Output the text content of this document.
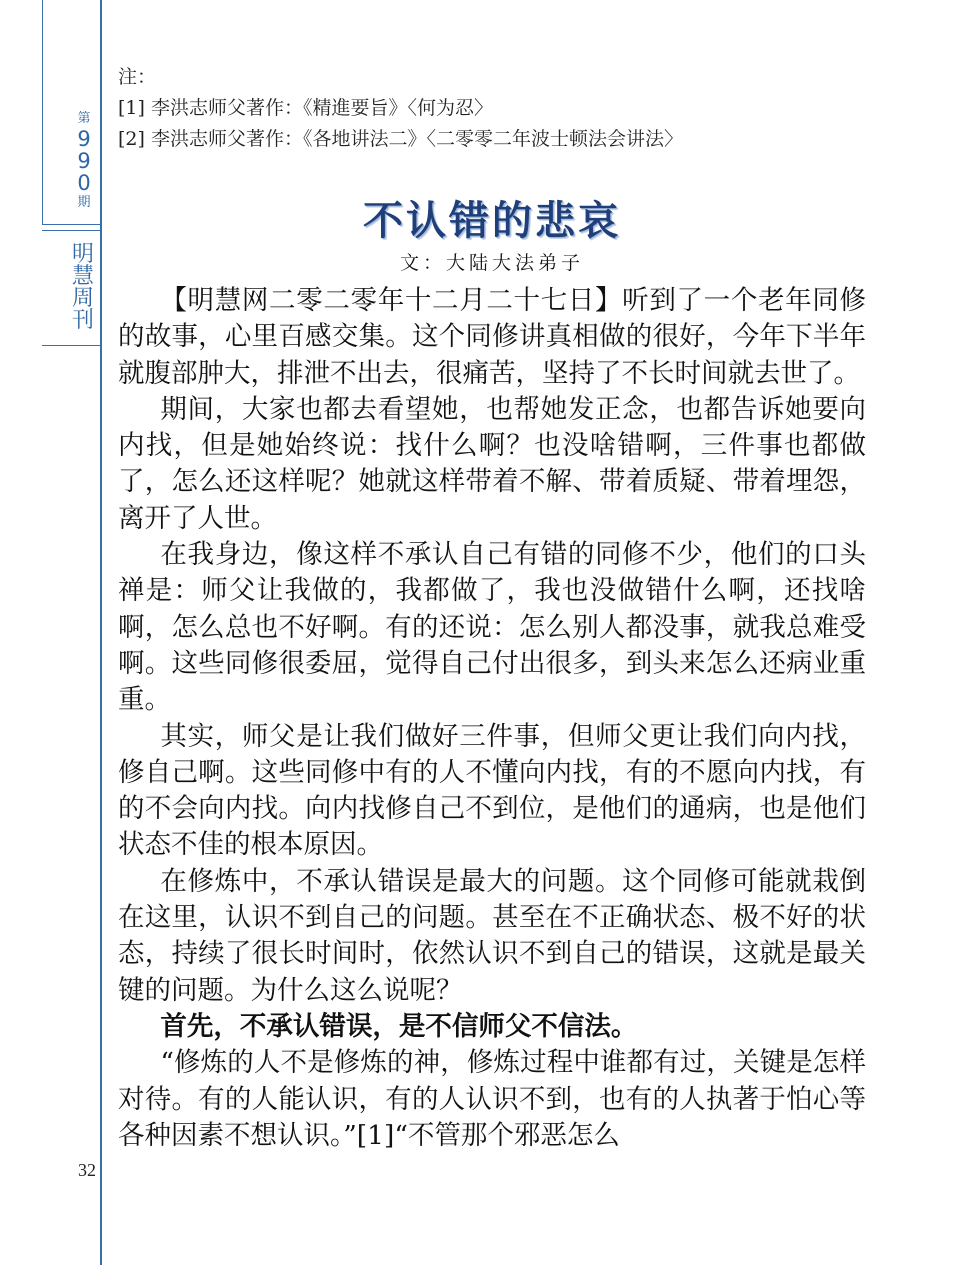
第
9
9
0
期
明
慧
周
刊
32
注：
[1] 李洪志师父著作：《精進要旨》〈何为忍〉
[2] 李洪志师父著作：《各地讲法二》〈二零零二年波士顿法会讲法〉
不认错的悲哀
文：大陆大法弟子

【明慧网二零二零年十二月二十七日】听到了一个老年同修的故事，心里百感交集。这个同修讲真相做的很好，今年下半年就腹部肿大，排泄不出去，很痛苦，坚持了不长时间就去世了。

期间，大家也都去看望她，也帮她发正念，也都告诉她要向内找，但是她始终说：找什么啊？也没啥错啊，三件事也都做了，怎么还这样呢？她就这样带着不解、带着质疑、带着埋怨，离开了人世。

在我身边，像这样不承认自己有错的同修不少，他们的口头禅是：师父让我做的，我都做了，我也没做错什么啊，还找啥啊，怎么总也不好啊。有的还说：怎么别人都没事，就我总难受啊。这些同修很委屈，觉得自己付出很多，到头来怎么还病业重重。

其实，师父是让我们做好三件事，但师父更让我们向内找，修自己啊。这些同修中有的人不懂向内找，有的不愿向内找，有的不会向内找。向内找修自己不到位，是他们的通病，也是他们状态不佳的根本原因。

在修炼中，不承认错误是最大的问题。这个同修可能就栽倒在这里，认识不到自己的问题。甚至在不正确状态、极不好的状态，持续了很长时间时，依然认识不到自己的错误，这就是最关键的问题。为什么这么说呢？

首先，不承认错误，是不信师父不信法。

“修炼的人不是修炼的神，修炼过程中谁都有过，关键是怎样对待。有的人能认识，有的人认识不到，也有的人执著于怕心等各种因素不想认识。”[1]“不管那个邪恶怎么
